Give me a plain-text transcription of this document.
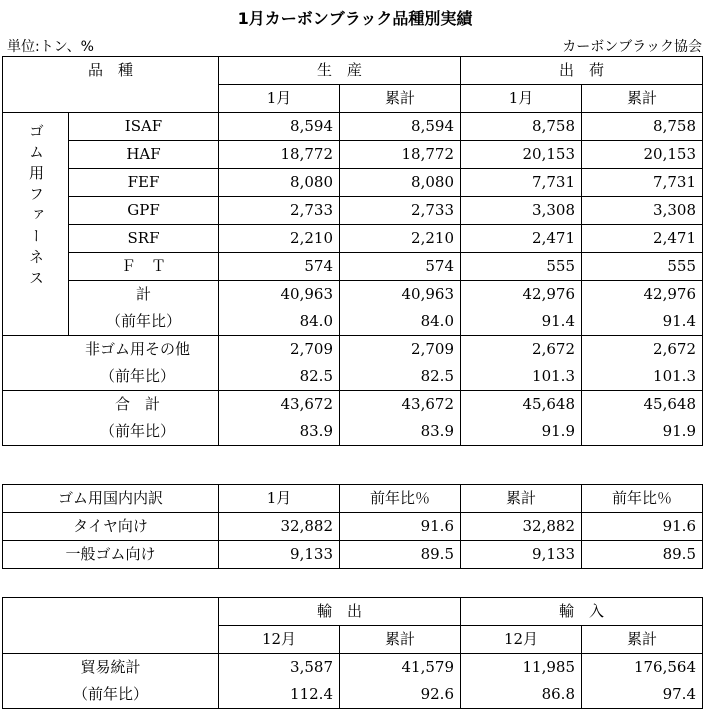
1月カーボンブラック品種別実績
単位:トン、%	カーボンブラック協会
品　種		生　産		出　荷	
		1月	累計	1月	累計
ゴム用ファーネス	ISAF	8,594	8,594	8,758	8,758
	HAF	18,772	18,772	20,153	20,153
	FEF	8,080	8,080	7,731	7,731
	GPF	2,733	2,733	3,308	3,308
	SRF	2,210	2,210	2,471	2,471
	Ｆ　Ｔ	574	574	555	555
	計	40,963	40,963	42,976	42,976
	（前年比）	84.0	84.0	91.4	91.4
非ゴム用その他		2,709	2,709	2,672	2,672
（前年比）		82.5	82.5	101.3	101.3
合　計		43,672	43,672	45,648	45,648
（前年比）		83.9	83.9	91.9	91.9
ゴム用国内内訳	1月	前年比％	累計	前年比％
タイヤ向け	32,882	91.6	32,882	91.6
一般ゴム向け	9,133	89.5	9,133	89.5
	輸　出		輸　入	
	12月	累計	12月	累計
貿易統計	3,587	41,579	11,985	176,564
（前年比）	112.4	92.6	86.8	97.4
